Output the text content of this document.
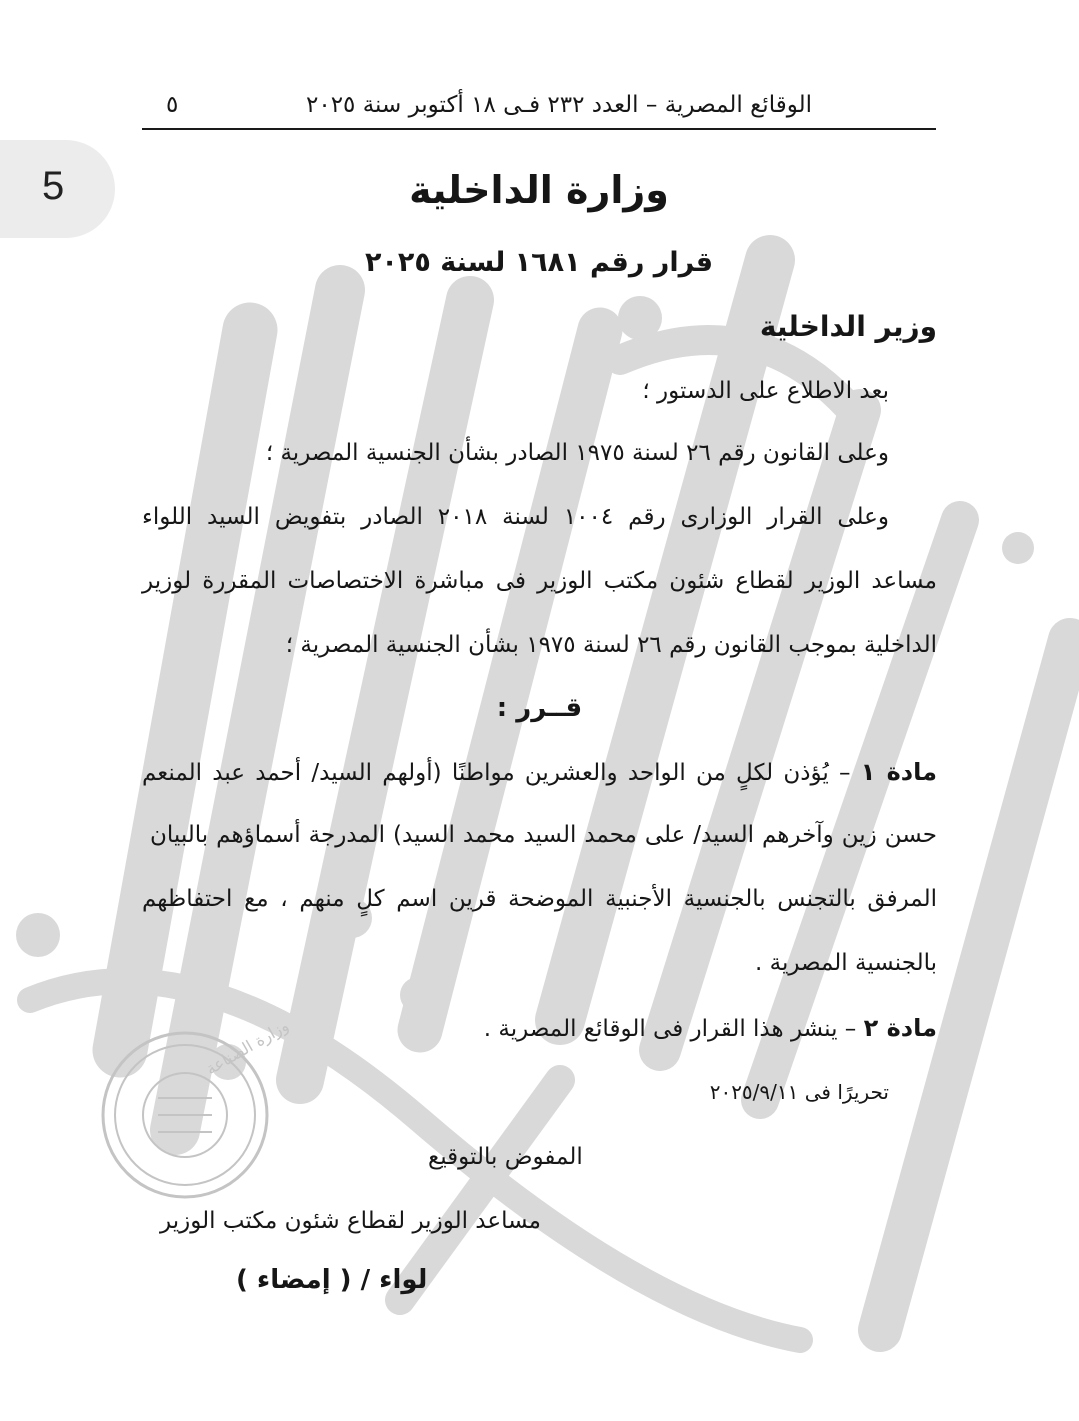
وزارة الصناعة
5
الوقائع المصرية – العدد ٢٣٢ فـى ١٨ أكتوبر سنة ٢٠٢٥
٥
وزارة الداخلية
قرار رقم ١٦٨١ لسنة ٢٠٢٥
وزير الداخلية
بعد الاطلاع على الدستور ؛
وعلى القانون رقم ٢٦ لسنة ١٩٧٥ الصادر بشأن الجنسية المصرية ؛
وعلى القرار الوزارى رقم ١٠٠٤ لسنة ٢٠١٨ الصادر بتفويض السيد اللواء
مساعد الوزير لقطاع شئون مكتب الوزير فى مباشرة الاختصاصات المقررة لوزير
الداخلية بموجب القانون رقم ٢٦ لسنة ١٩٧٥ بشأن الجنسية المصرية ؛
قــرر :
مادة ١ – يُؤذن لكلٍ من الواحد والعشرين مواطنًا (أولهم السيد/ أحمد عبد المنعم
حسن زين وآخرهم السيد/ على محمد السيد محمد السيد) المدرجة أسماؤهم بالبيان
المرفق بالتجنس بالجنسية الأجنبية الموضحة قرين اسم كلٍ منهم ، مع احتفاظهم
بالجنسية المصرية .
مادة ٢ – ينشر هذا القرار فى الوقائع المصرية .
تحريرًا فى ٢٠٢٥/٩/١١
المفوض بالتوقيع
مساعد الوزير لقطاع شئون مكتب الوزير
لواء / ( إمضاء )
